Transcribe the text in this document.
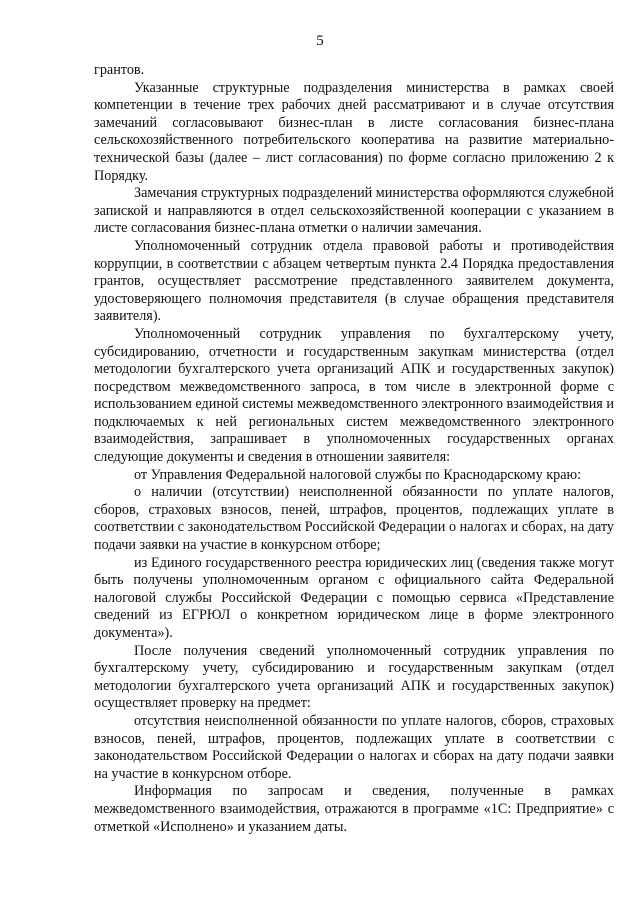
5

грантов.

Указанные структурные подразделения министерства в рамках своей компетенции в течение трех рабочих дней рассматривают и в случае отсутствия замечаний согласовывают бизнес-план в листе согласования бизнес-плана сельскохозяйственного потребительского кооператива на развитие материально-технической базы (далее – лист согласования) по форме согласно приложению 2 к Порядку.

Замечания структурных подразделений министерства оформляются служебной запиской и направляются в отдел сельскохозяйственной кооперации с указанием в листе согласования бизнес-плана отметки о наличии замечания.

Уполномоченный сотрудник отдела правовой работы и противодействия коррупции, в соответствии с абзацем четвертым пункта 2.4 Порядка предоставления грантов, осуществляет рассмотрение представленного заявителем документа, удостоверяющего полномочия представителя (в случае обращения представителя заявителя).

Уполномоченный сотрудник управления по бухгалтерскому учету, субсидированию, отчетности и государственным закупкам министерства (отдел методологии бухгалтерского учета организаций АПК и государственных закупок) посредством межведомственного запроса, в том числе в электронной форме с использованием единой системы межведомственного электронного взаимодействия и подключаемых к ней региональных систем межведомственного электронного взаимодействия, запрашивает в уполномоченных государственных органах следующие документы и сведения в отношении заявителя:

от Управления Федеральной налоговой службы по Краснодарскому краю:

о наличии (отсутствии) неисполненной обязанности по уплате налогов, сборов, страховых взносов, пеней, штрафов, процентов, подлежащих уплате в соответствии с законодательством Российской Федерации о налогах и сборах, на дату подачи заявки на участие в конкурсном отборе;

из Единого государственного реестра юридических лиц (сведения также могут быть получены уполномоченным органом с официального сайта Федеральной налоговой службы Российской Федерации с помощью сервиса «Представление сведений из ЕГРЮЛ о конкретном юридическом лице в форме электронного документа»).

После получения сведений уполномоченный сотрудник управления по бухгалтерскому учету, субсидированию и государственным закупкам (отдел методологии бухгалтерского учета организаций АПК и государственных закупок) осуществляет проверку на предмет:

отсутствия неисполненной обязанности по уплате налогов, сборов, страховых взносов, пеней, штрафов, процентов, подлежащих уплате в соответствии с законодательством Российской Федерации о налогах и сборах на дату подачи заявки на участие в конкурсном отборе.

Информация по запросам и сведения, полученные в рамках межведомственного взаимодействия, отражаются в программе «1С: Предприятие» с отметкой «Исполнено» и указанием даты.
